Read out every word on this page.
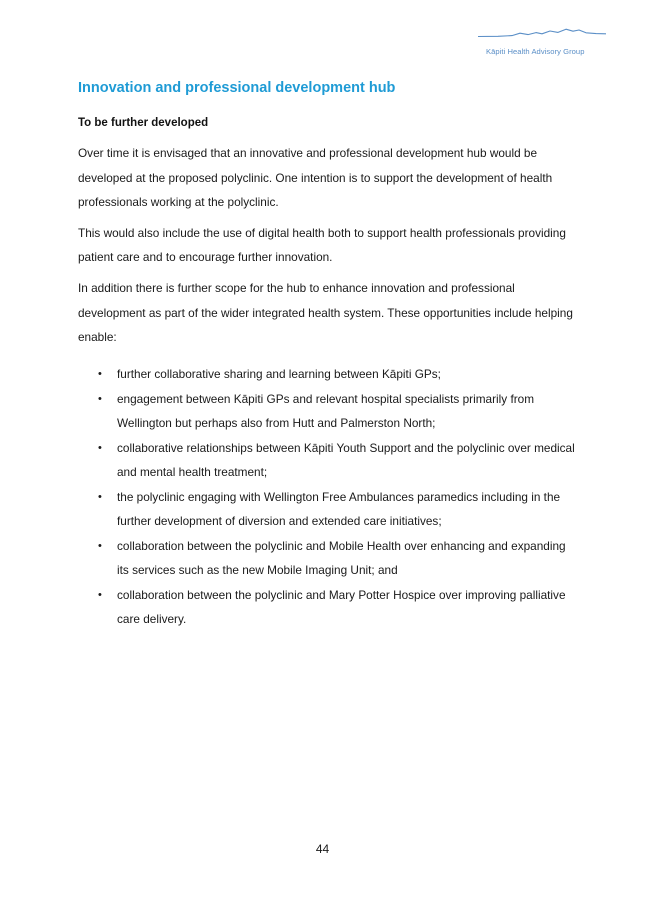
Kāpiti Health Advisory Group
Innovation and professional development hub
To be further developed

Over time it is envisaged that an innovative and professional development hub would be developed at the proposed polyclinic. One intention is to support the development of health professionals working at the polyclinic.

This would also include the use of digital health both to support health professionals providing patient care and to encourage further innovation.

In addition there is further scope for the hub to enhance innovation and professional development as part of the wider integrated health system. These opportunities include helping enable:

• further collaborative sharing and learning between Kāpiti GPs;
• engagement between Kāpiti GPs and relevant hospital specialists primarily from Wellington but perhaps also from Hutt and Palmerston North;
• collaborative relationships between Kāpiti Youth Support and the polyclinic over medical and mental health treatment;
• the polyclinic engaging with Wellington Free Ambulances paramedics including in the further development of diversion and extended care initiatives;
• collaboration between the polyclinic and Mobile Health over enhancing and expanding its services such as the new Mobile Imaging Unit; and
• collaboration between the polyclinic and Mary Potter Hospice over improving palliative care delivery.
44
